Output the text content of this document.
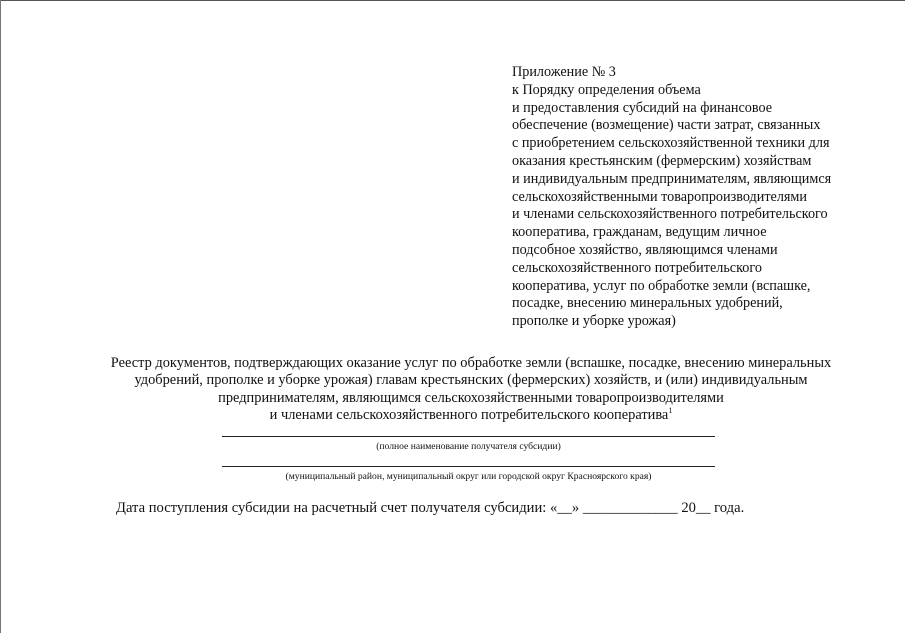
Приложение № 3
к Порядку определения объема
и предоставления субсидий на финансовое
обеспечение (возмещение) части затрат, связанных
с приобретением сельскохозяйственной техники для
оказания крестьянским (фермерским) хозяйствам
и индивидуальным предпринимателям, являющимся
сельскохозяйственными товаропроизводителями
и членами сельскохозяйственного потребительского
кооператива, гражданам, ведущим личное
подсобное хозяйство, являющимся членами
сельскохозяйственного потребительского
кооператива, услуг по обработке земли (вспашке,
посадке, внесению минеральных удобрений,
прополке и уборке урожая)
Реестр документов, подтверждающих оказание услуг по обработке земли (вспашке, посадке, внесению минеральных
удобрений, прополке и уборке урожая) главам крестьянских (фермерских) хозяйств, и (или) индивидуальным
предпринимателям, являющимся сельскохозяйственными товаропроизводителями
и членами сельскохозяйственного потребительского кооператива$^1$
(полное наименование получателя субсидии)
(муниципальный район, муниципальный округ или городской округ Красноярского края)
Дата поступления субсидии на расчетный счет получателя субсидии: «__» _____________ 20__ года.
